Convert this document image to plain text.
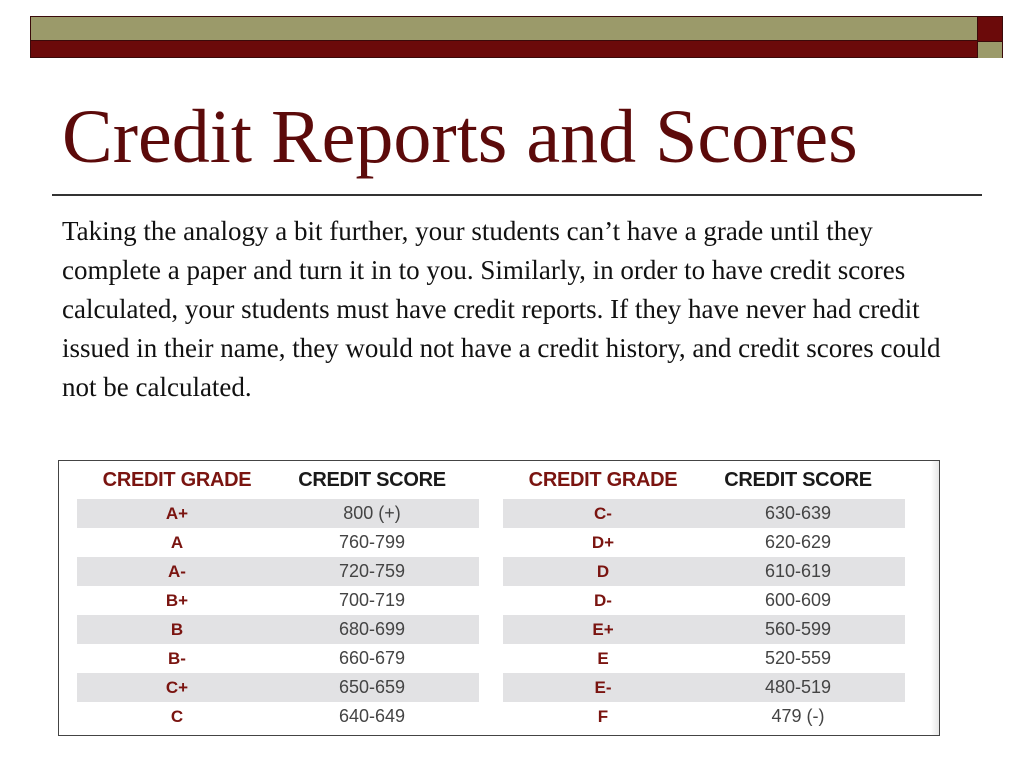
Credit Reports and Scores

Taking the analogy a bit further, your students can’t have a grade until they complete a paper and turn it in to you. Similarly, in order to have credit scores calculated, your students must have credit reports. If they have never had credit issued in their name, they would not have a credit history, and credit scores could not be calculated.

CREDIT GRADE	CREDIT SCORE
A+	800 (+)
A	760-799
A-	720-759
B+	700-719
B	680-699
B-	660-679
C+	650-659
C	640-649
CREDIT GRADE	CREDIT SCORE
C-	630-639
D+	620-629
D	610-619
D-	600-609
E+	560-599
E	520-559
E-	480-519
F	479 (-)
